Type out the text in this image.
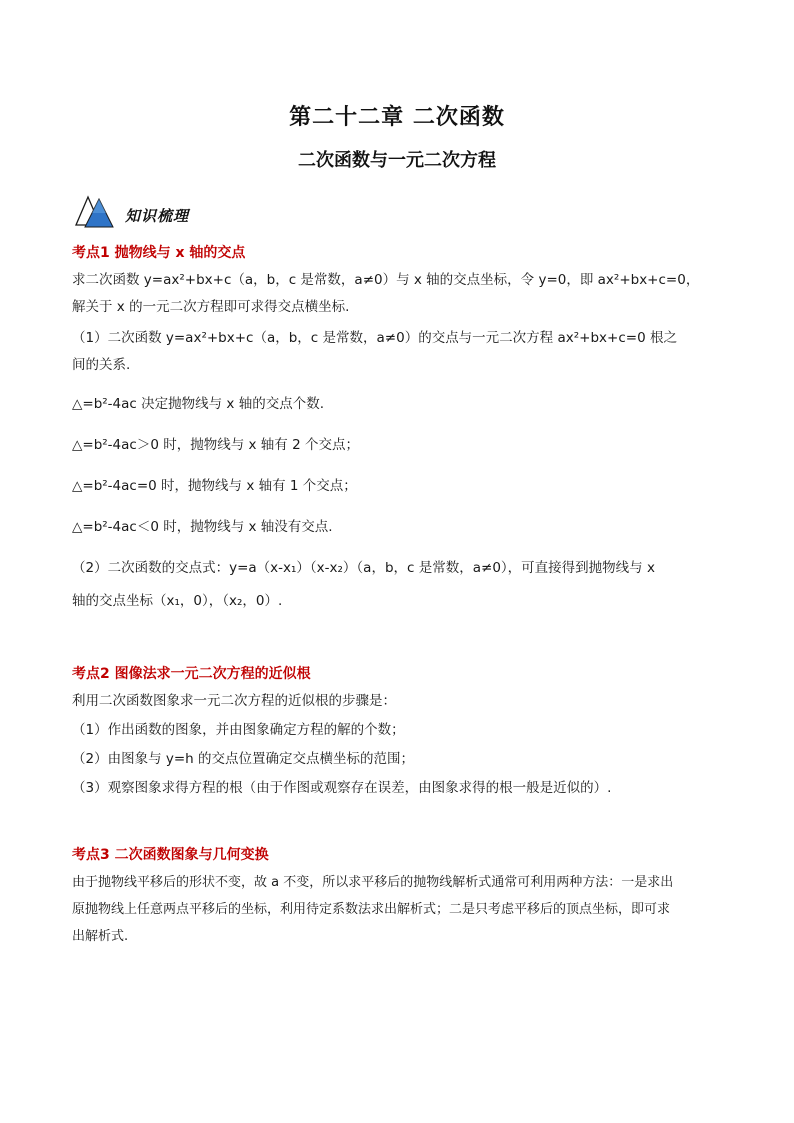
第二十二章 二次函数
二次函数与一元二次方程
知识梳理
考点1 抛物线与 x 轴的交点
求二次函数 y=ax²+bx+c（a，b，c 是常数，a≠0）与 x 轴的交点坐标，令 y=0，即 ax²+bx+c=0，
解关于 x 的一元二次方程即可求得交点横坐标.
（1）二次函数 y=ax²+bx+c（a，b，c 是常数，a≠0）的交点与一元二次方程 ax²+bx+c=0 根之
间的关系.
△=b²-4ac 决定抛物线与 x 轴的交点个数.
△=b²-4ac＞0 时，抛物线与 x 轴有 2 个交点；
△=b²-4ac=0 时，抛物线与 x 轴有 1 个交点；
△=b²-4ac＜0 时，抛物线与 x 轴没有交点.
（2）二次函数的交点式：y=a（x-x₁）（x-x₂）（a，b，c 是常数，a≠0），可直接得到抛物线与 x
轴的交点坐标（x₁，0），（x₂，0）.
考点2 图像法求一元二次方程的近似根
利用二次函数图象求一元二次方程的近似根的步骤是：
（1）作出函数的图象，并由图象确定方程的解的个数；
（2）由图象与 y=h 的交点位置确定交点横坐标的范围；
（3）观察图象求得方程的根（由于作图或观察存在误差，由图象求得的根一般是近似的）.
考点3 二次函数图象与几何变换
由于抛物线平移后的形状不变，故 a 不变，所以求平移后的抛物线解析式通常可利用两种方法：一是求出
原抛物线上任意两点平移后的坐标，利用待定系数法求出解析式；二是只考虑平移后的顶点坐标，即可求
出解析式.
